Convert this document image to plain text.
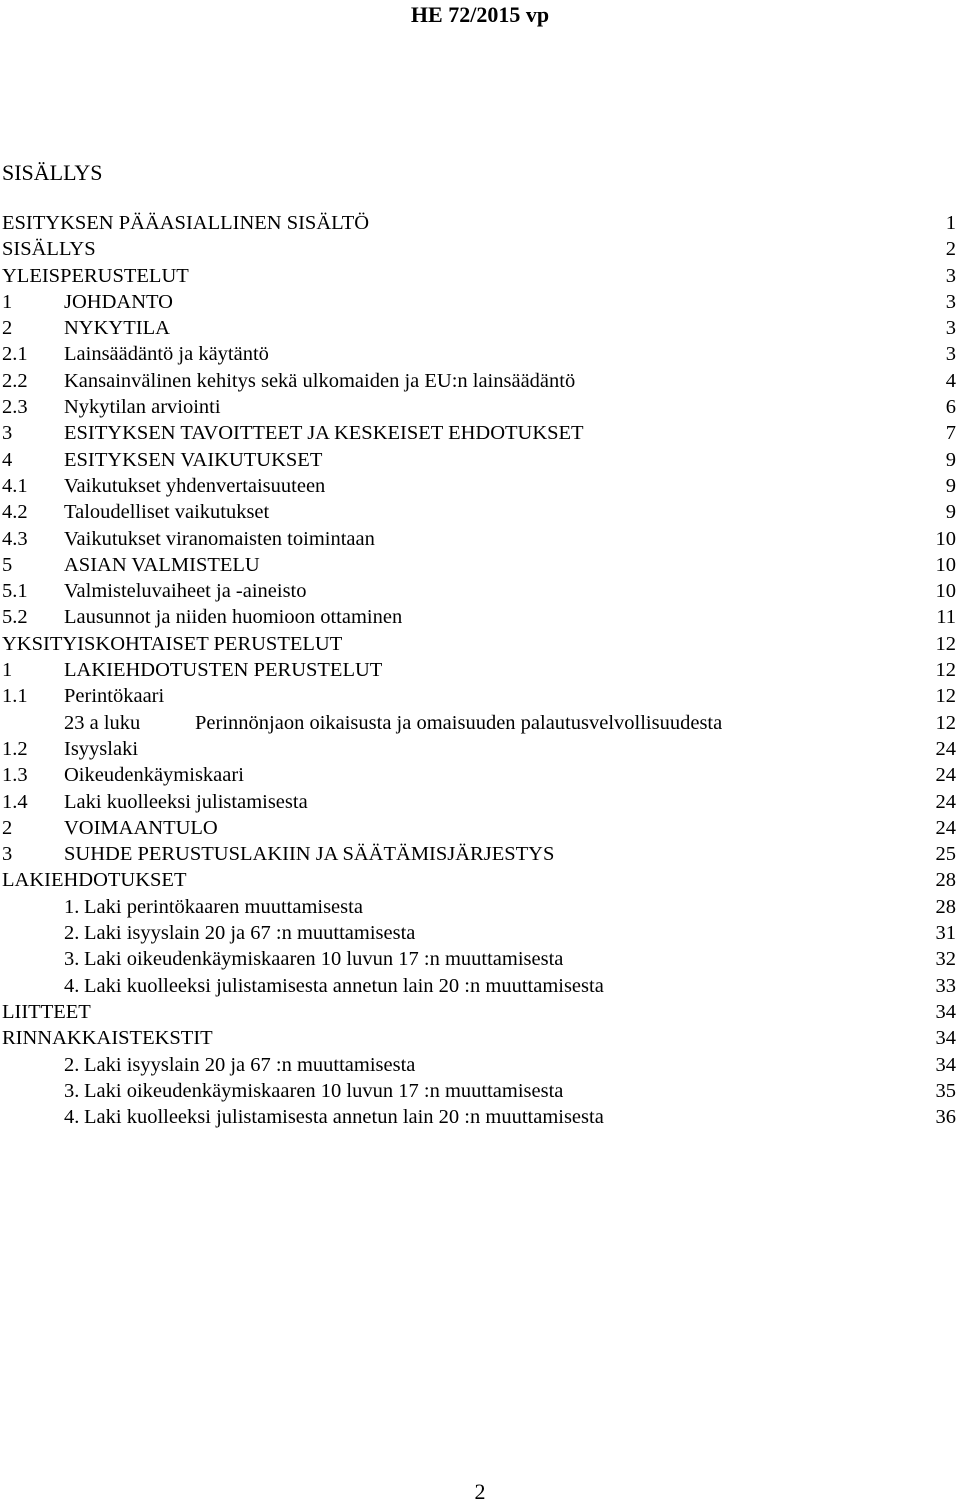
HE 72/2015 vp
SISÄLLYS
ESITYKSEN PÄÄASIALLINEN SISÄLTÖ	1
SISÄLLYS	2
YLEISPERUSTELUT	3
1	JOHDANTO	3
2	NYKYTILA	3
2.1	Lainsäädäntö ja käytäntö	3
2.2	Kansainvälinen kehitys sekä ulkomaiden ja EU:n lainsäädäntö	4
2.3	Nykytilan arviointi	6
3	ESITYKSEN TAVOITTEET JA KESKEISET EHDOTUKSET	7
4	ESITYKSEN VAIKUTUKSET	9
4.1	Vaikutukset yhdenvertaisuuteen	9
4.2	Taloudelliset vaikutukset	9
4.3	Vaikutukset viranomaisten toimintaan	10
5	ASIAN VALMISTELU	10
5.1	Valmisteluvaiheet ja -aineisto	10
5.2	Lausunnot ja niiden huomioon ottaminen	11
YKSITYISKOHTAISET PERUSTELUT	12
1	LAKIEHDOTUSTEN PERUSTELUT	12
1.1	Perintökaari	12
23 a luku	Perinnönjaon oikaisusta ja omaisuuden palautusvelvollisuudesta	12
1.2	Isyyslaki	24
1.3	Oikeudenkäymiskaari	24
1.4	Laki kuolleeksi julistamisesta	24
2	VOIMAANTULO	24
3	SUHDE PERUSTUSLAKIIN JA SÄÄTÄMISJÄRJESTYS	25
LAKIEHDOTUKSET	28
1. Laki perintökaaren muuttamisesta	28
2. Laki isyyslain 20 ja 67 :n muuttamisesta	31
3. Laki oikeudenkäymiskaaren 10 luvun 17 :n muuttamisesta	32
4. Laki kuolleeksi julistamisesta annetun lain 20 :n muuttamisesta	33
LIITTEET	34
RINNAKKAISTEKSTIT	34
2. Laki isyyslain 20 ja 67 :n muuttamisesta	34
3. Laki oikeudenkäymiskaaren 10 luvun 17 :n muuttamisesta	35
4. Laki kuolleeksi julistamisesta annetun lain 20 :n muuttamisesta	36
2
